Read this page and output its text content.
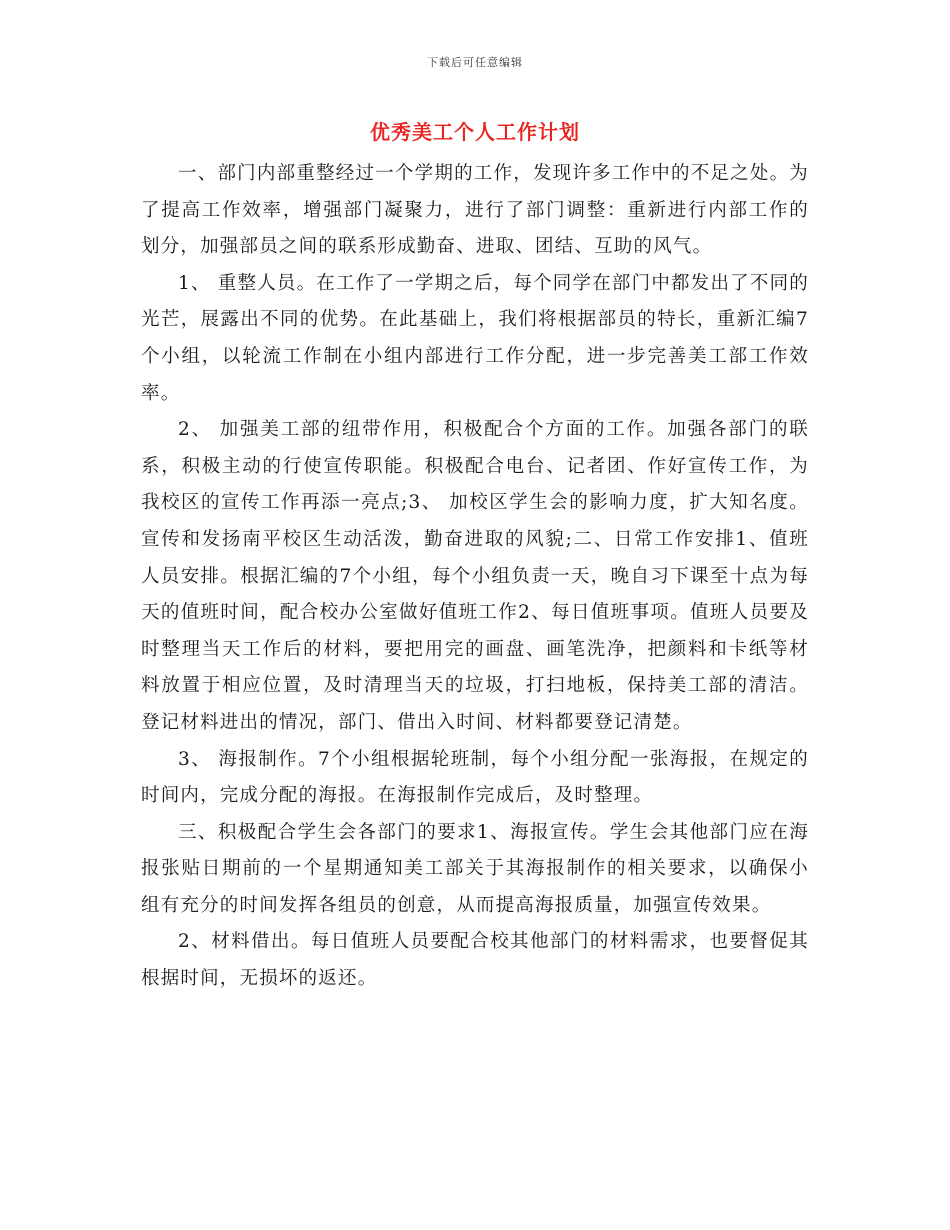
下载后可任意编辑
优秀美工个人工作计划

一、部门内部重整经过一个学期的工作，发现许多工作中的不足之处。为了提高工作效率，增强部门凝聚力，进行了部门调整：重新进行内部工作的划分，加强部员之间的联系形成勤奋、进取、团结、互助的风气。

1、 重整人员。在工作了一学期之后，每个同学在部门中都发出了不同的光芒，展露出不同的优势。在此基础上，我们将根据部员的特长，重新汇编7个小组，以轮流工作制在小组内部进行工作分配，进一步完善美工部工作效率。

2、 加强美工部的纽带作用，积极配合个方面的工作。加强各部门的联系，积极主动的行使宣传职能。积极配合电台、记者团、作好宣传工作，为我校区的宣传工作再添一亮点;3、 加校区学生会的影响力度，扩大知名度。宣传和发扬南平校区生动活泼，勤奋进取的风貌;二、日常工作安排1、值班人员安排。根据汇编的7个小组，每个小组负责一天，晚自习下课至十点为每天的值班时间，配合校办公室做好值班工作2、每日值班事项。值班人员要及时整理当天工作后的材料，要把用完的画盘、画笔洗净，把颜料和卡纸等材料放置于相应位置，及时清理当天的垃圾，打扫地板，保持美工部的清洁。登记材料进出的情况，部门、借出入时间、材料都要登记清楚。

3、 海报制作。7个小组根据轮班制，每个小组分配一张海报，在规定的时间内，完成分配的海报。在海报制作完成后，及时整理。

三、积极配合学生会各部门的要求1、海报宣传。学生会其他部门应在海报张贴日期前的一个星期通知美工部关于其海报制作的相关要求，以确保小组有充分的时间发挥各组员的创意，从而提高海报质量，加强宣传效果。

2、材料借出。每日值班人员要配合校其他部门的材料需求，也要督促其根据时间，无损坏的返还。
